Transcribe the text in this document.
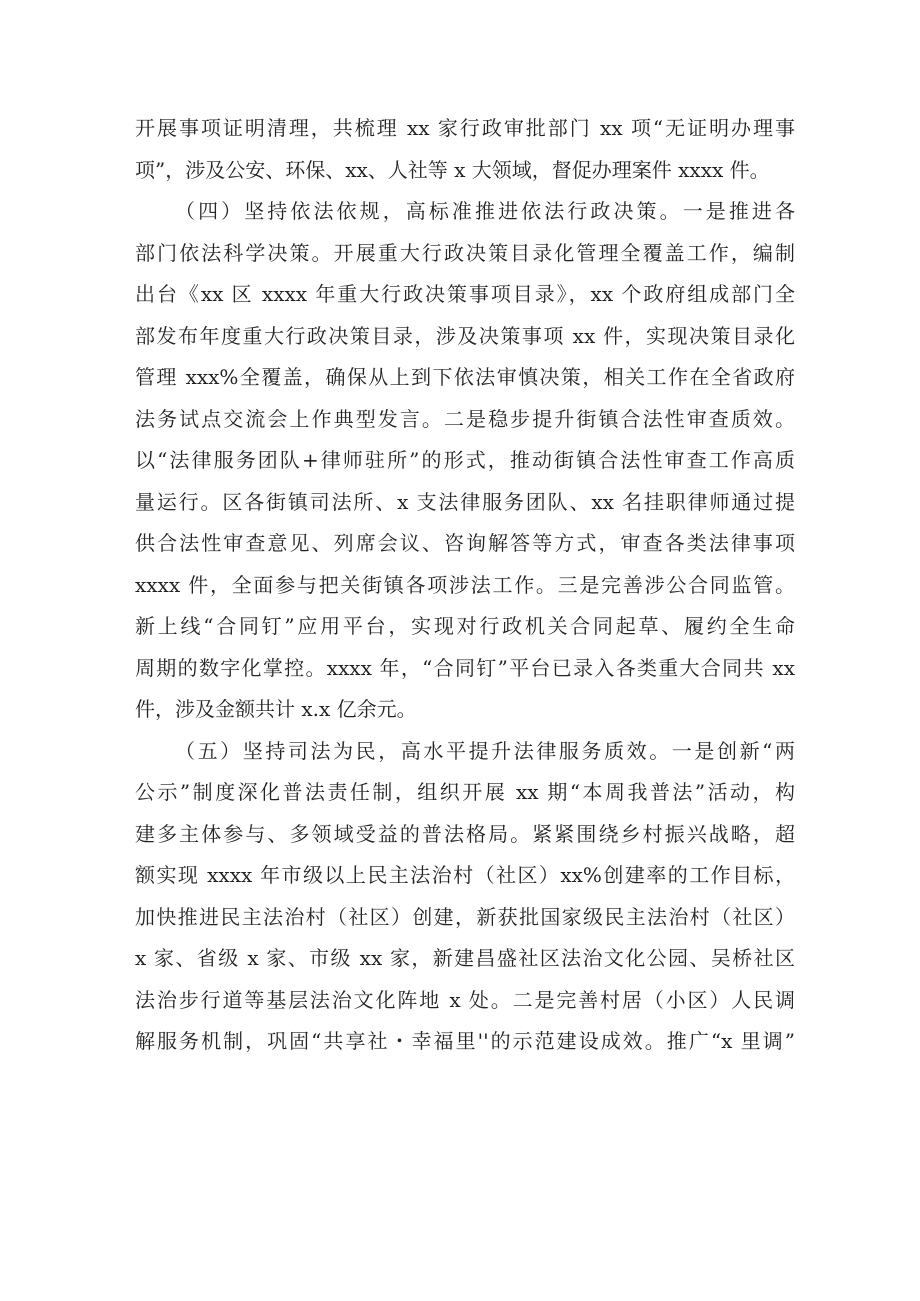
开展事项证明清理，共梳理 xx 家行政审批部门 xx 项“无证明办理事
项”，涉及公安、环保、xx、人社等 x 大领域，督促办理案件 xxxx 件。
（四）坚持依法依规，高标准推进依法行政决策。一是推进各
部门依法科学决策。开展重大行政决策目录化管理全覆盖工作，编制
出台《xx 区 xxxx 年重大行政决策事项目录》，xx 个政府组成部门全
部发布年度重大行政决策目录，涉及决策事项 xx 件，实现决策目录化
管理 xxx%全覆盖，确保从上到下依法审慎决策，相关工作在全省政府
法务试点交流会上作典型发言。二是稳步提升街镇合法性审查质效。
以“法律服务团队+律师驻所”的形式，推动街镇合法性审查工作高质
量运行。区各街镇司法所、x 支法律服务团队、xx 名挂职律师通过提
供合法性审查意见、列席会议、咨询解答等方式，审查各类法律事项
xxxx 件，全面参与把关街镇各项涉法工作。三是完善涉公合同监管。
新上线“合同钉”应用平台，实现对行政机关合同起草、履约全生命
周期的数字化掌控。xxxx 年，“合同钉”平台已录入各类重大合同共 xx
件，涉及金额共计 x.x 亿余元。
（五）坚持司法为民，高水平提升法律服务质效。一是创新“两
公示”制度深化普法责任制，组织开展 xx 期“本周我普法”活动，构
建多主体参与、多领域受益的普法格局。紧紧围绕乡村振兴战略，超
额实现 xxxx 年市级以上民主法治村（社区）xx%创建率的工作目标，
加快推进民主法治村（社区）创建，新获批国家级民主法治村（社区）
x 家、省级 x 家、市级 xx 家，新建昌盛社区法治文化公园、吴桥社区
法治步行道等基层法治文化阵地 x 处。二是完善村居（小区）人民调
解服务机制，巩固“共享社・幸福里''的示范建设成效。推广“x 里调”
